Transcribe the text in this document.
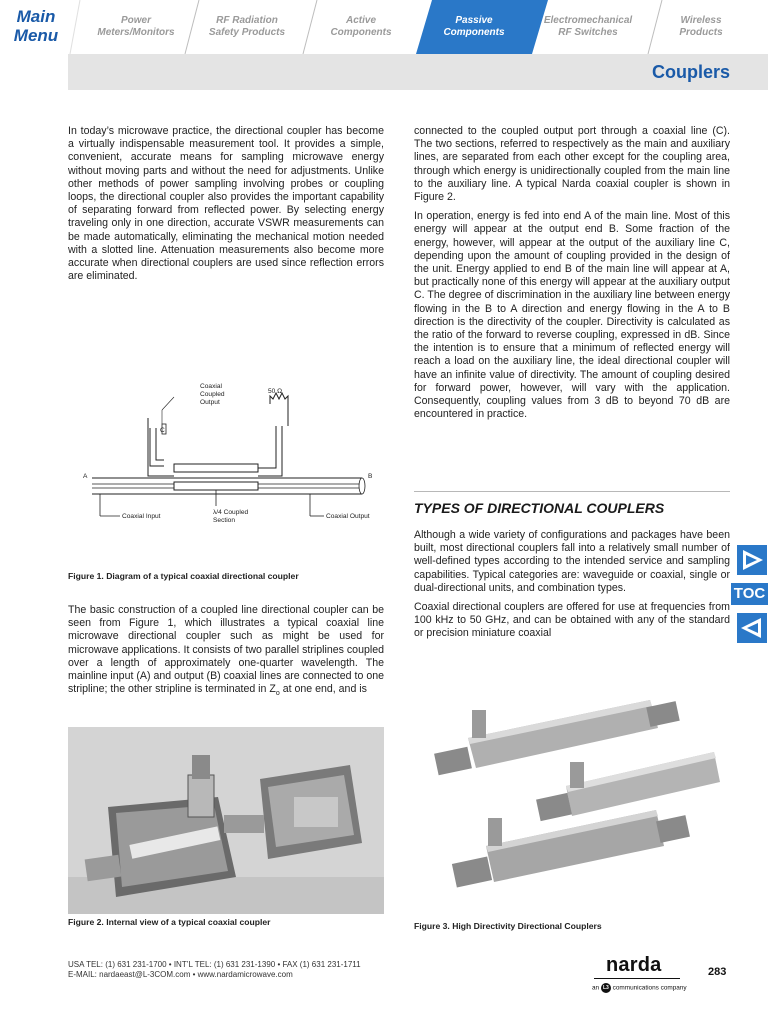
Main
Menu
Power
Meters/Monitors
RF Radiation
Safety Products
Active
Components
Passive
Components
Electromechanical
RF Switches
Wireless
Products
Couplers

In today’s microwave practice, the directional coupler has become a virtually indispensable measurement tool. It provides a simple, convenient, accurate means for sampling microwave energy without moving parts and without the need for adjustments. Unlike other methods of power sampling involving probes or coupling loops, the directional coupler also provides the important capability of separating forward from reflected power. By selecting energy traveling only in one direction, accurate VSWR measurements can be made automatically, eliminating the mechanical motion needed with a slotted line. Attenuation measurements also become more accurate when directional couplers are used since reflection errors are eliminated.

Coaxial
Coupled
Output
50 Ω
C
A	B
Coaxial Input
λ/4 Coupled
Section
Coaxial Output
Figure 1. Diagram of a typical coaxial directional coupler

The basic construction of a coupled line directional coupler can be seen from Figure 1, which illustrates a typical coaxial line microwave directional coupler such as might be used for microwave applications. It consists of two parallel striplines coupled over a length of approximately one-quarter wavelength. The mainline input (A) and output (B) coaxial lines are connected to one stripline; the other stripline is terminated in $Z_o$ at one end, and is

Figure 2. Internal view of a typical coaxial coupler

connected to the coupled output port through a coaxial line (C). The two sections, referred to respectively as the main and auxiliary lines, are separated from each other except for the coupling area, through which energy is unidirectionally coupled from the main line to the auxiliary line. A typical Narda coaxial coupler is shown in Figure 2.

In operation, energy is fed into end A of the main line. Most of this energy will appear at the output end B. Some fraction of the energy, however, will appear at the output of the auxiliary line C, depending upon the amount of coupling provided in the design of the unit. Energy applied to end B of the main line will appear at A, but practically none of this energy will appear at the auxiliary output C. The degree of discrimination in the auxiliary line between energy flowing in the B to A direction and energy flowing in the A to B direction is the directivity of the coupler. Directivity is calculated as the ratio of the forward to reverse coupling, expressed in dB. Since the intention is to ensure that a minimum of reflected energy will reach a load on the auxiliary line, the ideal directional coupler will have an infinite value of directivity. The amount of coupling desired for forward power, however, will vary with the application. Consequently, coupling values from 3 dB to beyond 70 dB are encountered in practice.

TYPES OF DIRECTIONAL COUPLERS

Although a wide variety of configurations and packages have been built, most directional couplers fall into a relatively small number of well-defined types according to the intended service and sampling capabilities. Typical categories are: waveguide or coaxial, single or dual-directional units, and combination types.

Coaxial directional couplers are offered for use at frequencies from 100 kHz to 50 GHz, and can be obtained with any of the standard or precision miniature coaxial

Figure 3. High Directivity Directional Couplers
TOC
USA TEL: (1) 631 231-1700 • INT’L TEL: (1) 631 231-1390 • FAX (1) 631 231-1711
E-MAIL: nardaeast@L-3COM.com • www.nardamicrowave.com	narda
an L3 communications company
283
